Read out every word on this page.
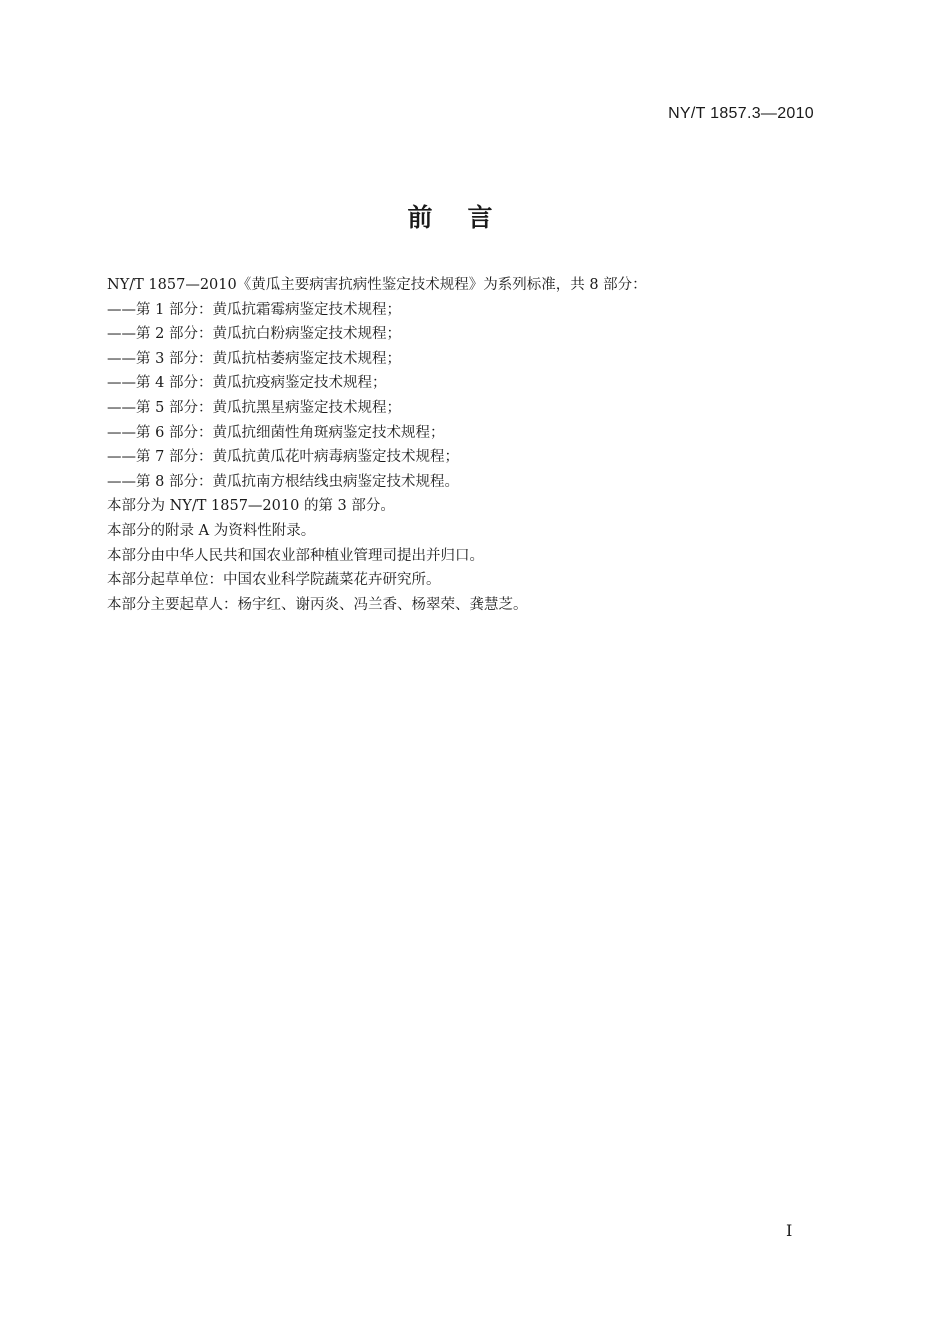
NY/T 1857.3—2010
前言
NY/T 1857—2010《黄瓜主要病害抗病性鉴定技术规程》为系列标准，共 8 部分：
——第 1 部分：黄瓜抗霜霉病鉴定技术规程；
——第 2 部分：黄瓜抗白粉病鉴定技术规程；
——第 3 部分：黄瓜抗枯萎病鉴定技术规程；
——第 4 部分：黄瓜抗疫病鉴定技术规程；
——第 5 部分：黄瓜抗黑星病鉴定技术规程；
——第 6 部分：黄瓜抗细菌性角斑病鉴定技术规程；
——第 7 部分：黄瓜抗黄瓜花叶病毒病鉴定技术规程；
——第 8 部分：黄瓜抗南方根结线虫病鉴定技术规程。
本部分为 NY/T 1857—2010 的第 3 部分。
本部分的附录 A 为资料性附录。
本部分由中华人民共和国农业部种植业管理司提出并归口。
本部分起草单位：中国农业科学院蔬菜花卉研究所。
本部分主要起草人：杨宇红、谢丙炎、冯兰香、杨翠荣、龚慧芝。
I
